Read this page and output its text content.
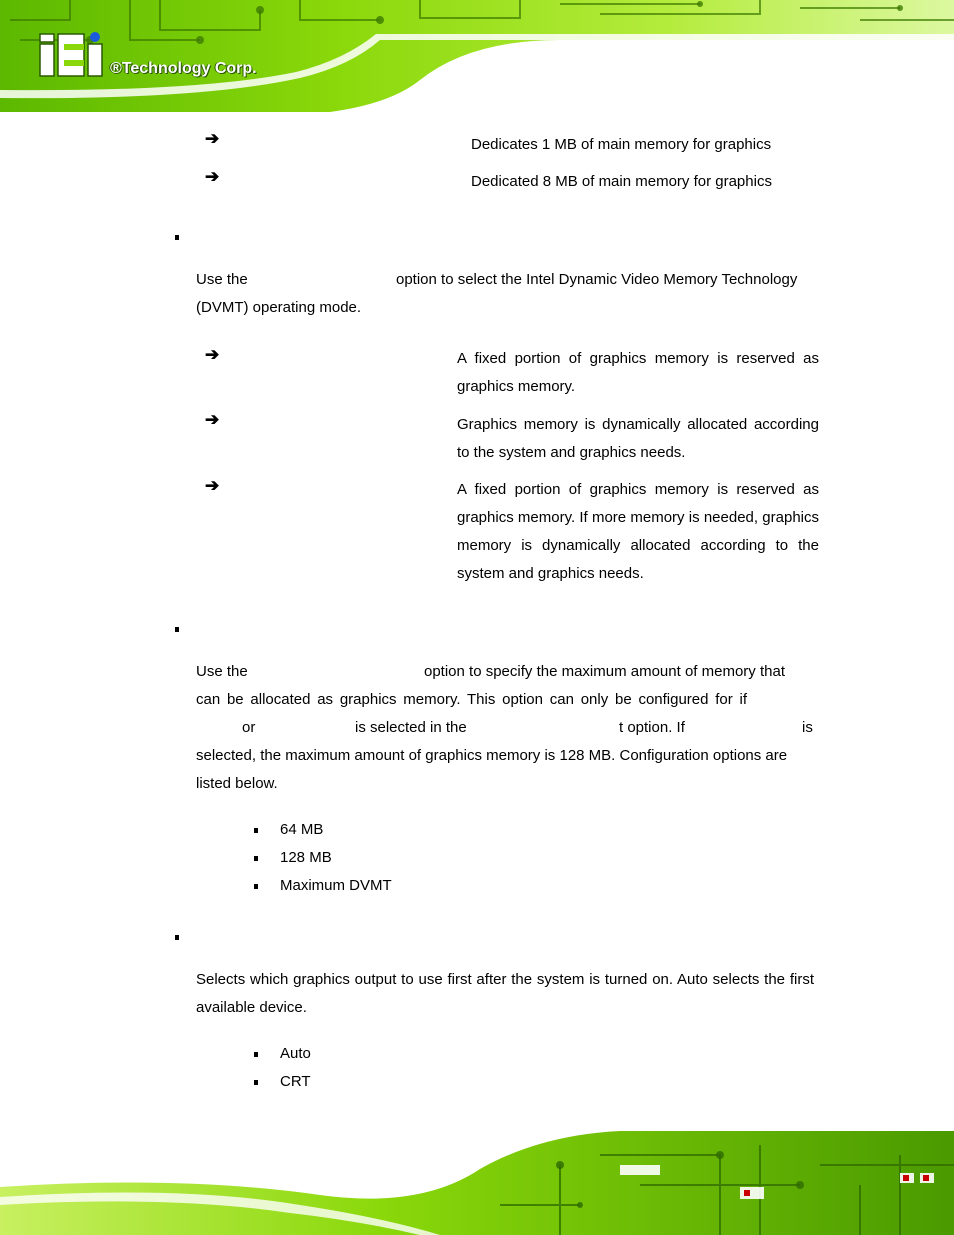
®Technology Corp.
➔	Dedicates 1 MB of main memory for graphics
➔	Dedicated 8 MB of main memory for graphics
Use the	option to select the Intel Dynamic Video Memory Technology
(DVMT) operating mode.
➔	A fixed portion of graphics memory is reserved as graphics memory.
➔	Graphics memory is dynamically allocated according to the system and graphics needs.
➔	A fixed portion of graphics memory is reserved as graphics memory. If more memory is needed, graphics memory is dynamically allocated according to the system and graphics needs.
Use the	option to specify the maximum amount of memory that
can be allocated as graphics memory. This option can only be configured for if
or	is selected in the	t option. If	is
selected, the maximum amount of graphics memory is 128 MB. Configuration options are
listed below.
64 MB
128 MB
Maximum DVMT
Selects which graphics output to use first after the system is turned on. Auto selects the first available device.
Auto
CRT
